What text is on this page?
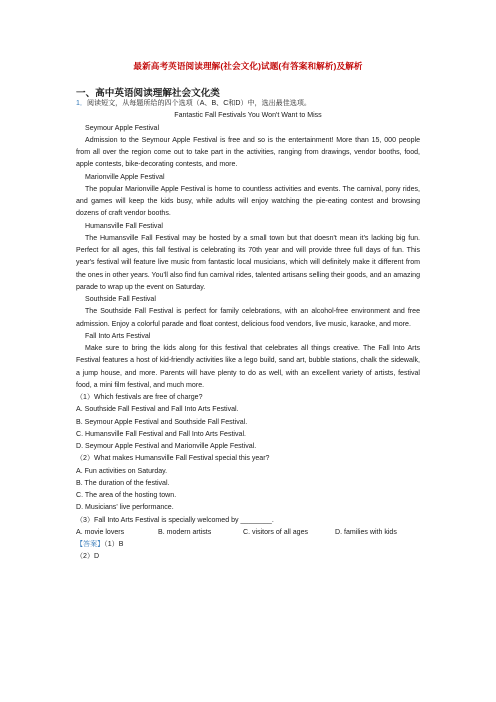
最新高考英语阅读理解(社会文化)试题(有答案和解析)及解析
一、高中英语阅读理解社会文化类

1．阅读短文，从每题所给的四个选项（A、B、C和D）中，选出最佳选项。

Fantastic Fall Festivals You Won't Want to Miss

Seymour Apple Festival

Admission to the Seymour Apple Festival is free and so is the entertainment! More than 15, 000 people from all over the region come out to take part in the activities, ranging from drawings, vendor booths, food, apple contests, bike-decorating contests, and more.

Marionville Apple Festival

The popular Marionville Apple Festival is home to countless activities and events. The carnival, pony rides, and games will keep the kids busy, while adults will enjoy watching the pie-eating contest and browsing dozens of craft vendor booths.

Humansville Fall Festival

The Humansville Fall Festival may be hosted by a small town but that doesn't mean it's lacking big fun. Perfect for all ages, this fall festival is celebrating its 70th year and will provide three full days of fun. This year's festival will feature live music from fantastic local musicians, which will definitely make it different from the ones in other years. You'll also find fun carnival rides, talented artisans selling their goods, and an amazing parade to wrap up the event on Saturday.

Southside Fall Festival

The Southside Fall Festival is perfect for family celebrations, with an alcohol-free environment and free admission. Enjoy a colorful parade and float contest, delicious food vendors, live music, karaoke, and more.

Fall Into Arts Festival

Make sure to bring the kids along for this festival that celebrates all things creative. The Fall Into Arts Festival features a host of kid-friendly activities like a lego build, sand art, bubble stations, chalk the sidewalk, a jump house, and more. Parents will have plenty to do as well, with an excellent variety of artists, festival food, a mini film festival, and much more.

（1）Which festivals are free of charge?

A. Southside Fall Festival and Fall Into Arts Festival.

B. Seymour Apple Festival and Southside Fall Festival.

C. Humansville Fall Festival and Fall Into Arts Festival.

D. Seymour Apple Festival and Marionville Apple Festival.

（2）What makes Humansville Fall Festival special this year?

A. Fun activities on Saturday.

B. The duration of the festival.

C. The area of the hosting town.

D. Musicians' live performance.

（3）Fall Into Arts Festival is specially welcomed by ________.

A. movie lovers	B. modern artists	C. visitors of all ages	D. families with kids

【答案】（1）B

（2）D
